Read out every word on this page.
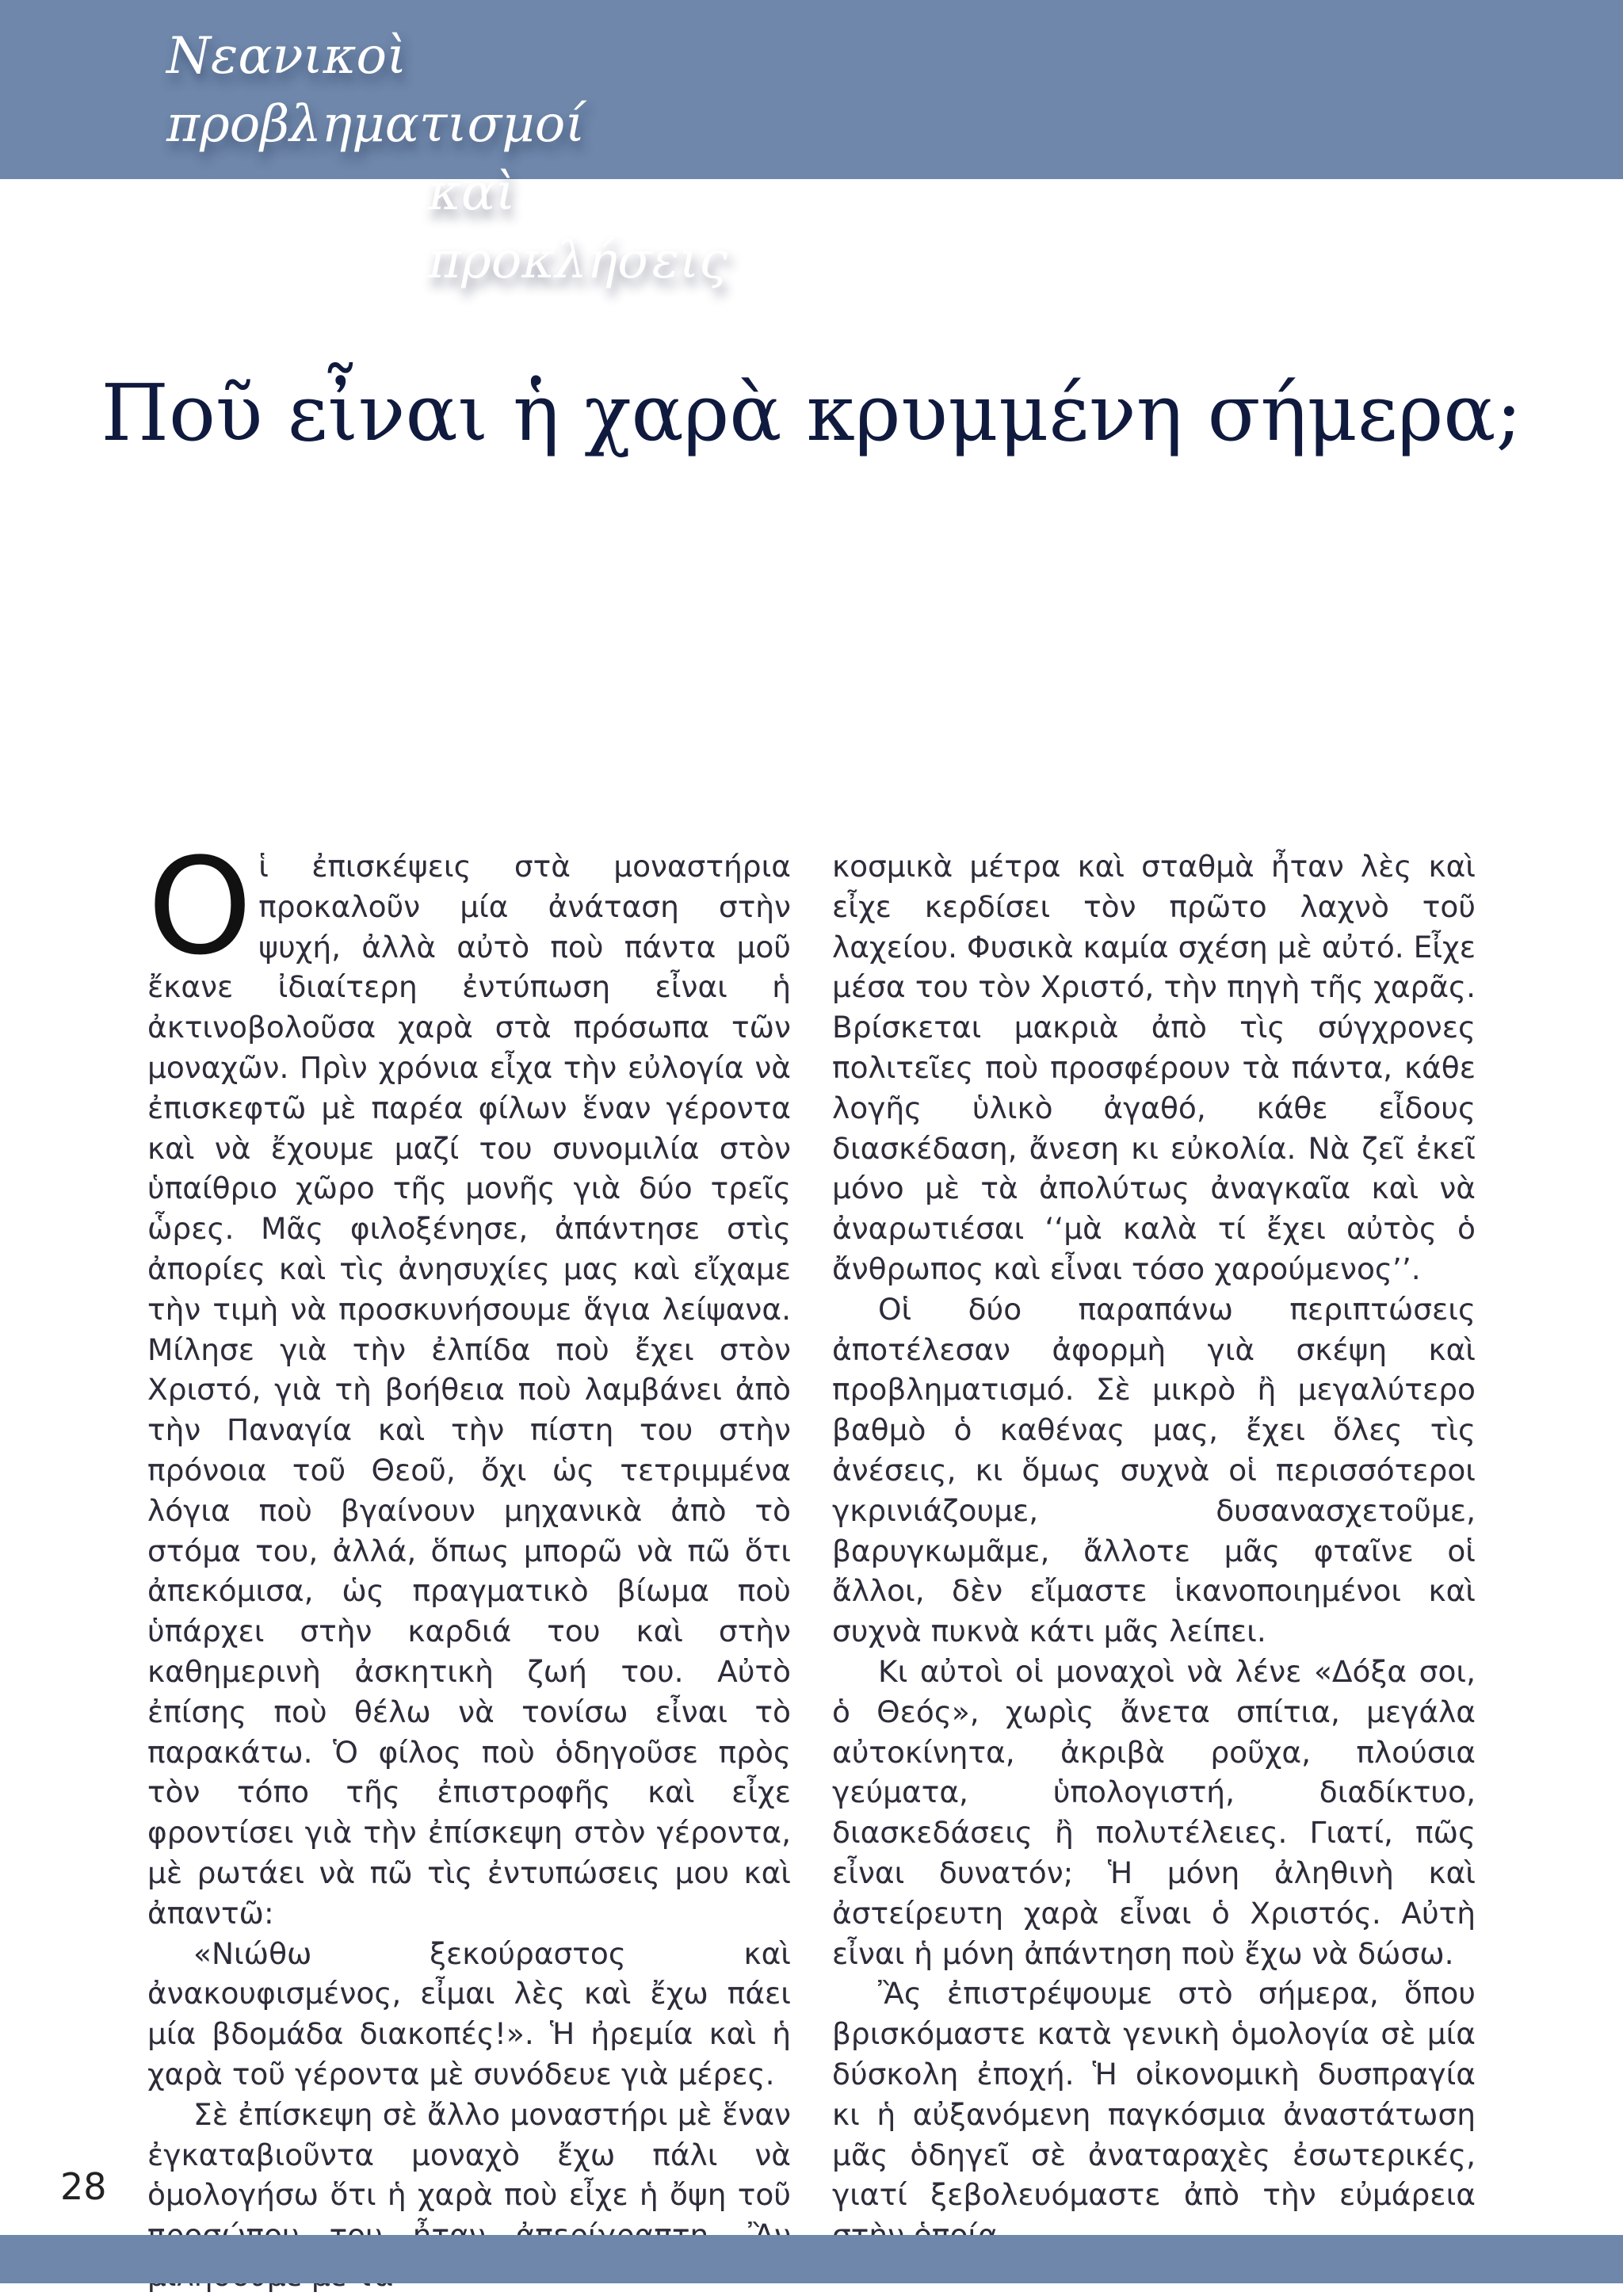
Νεανικοὶ προβληματισμοί
καὶ προκλήσεις
Ποῦ εἶναι ἡ χαρὰ κρυμμένη σήμερα;

Oἱ ἐπισκέψεις στὰ μοναστήρια προκαλοῦν μία ἀνάταση στὴν ψυχή, ἀλλὰ αὐτὸ ποὺ πάντα μοῦ ἔκανε ἰδιαίτερη ἐντύπωση εἶναι ἡ ἀκτινοβολοῦσα χαρὰ στὰ πρόσωπα τῶν μοναχῶν. Πρὶν χρόνια εἶχα τὴν εὐλογία νὰ ἐπισκεφτῶ μὲ παρέα φίλων ἕναν γέροντα καὶ νὰ ἔχουμε μαζί του συνομιλία στὸν ὑπαίθριο χῶρο τῆς μονῆς γιὰ δύο τρεῖς ὧρες. Μᾶς φιλοξένησε, ἀπάντησε στὶς ἀπορίες καὶ τὶς ἀνησυχίες μας καὶ εἴχαμε τὴν τιμὴ νὰ προσκυνήσουμε ἅγια λείψανα. Μίλησε γιὰ τὴν ἐλπίδα ποὺ ἔχει στὸν Χριστό, γιὰ τὴ βοήθεια ποὺ λαμβάνει ἀπὸ τὴν Παναγία καὶ τὴν πίστη του στὴν πρόνοια τοῦ Θεοῦ, ὄχι ὡς τετριμμένα λόγια ποὺ βγαίνουν μηχανικὰ ἀπὸ τὸ στόμα του, ἀλλά, ὅπως μπορῶ νὰ πῶ ὅτι ἀπεκόμισα, ὡς πραγματικὸ βίωμα ποὺ ὑπάρχει στὴν καρδιά του καὶ στὴν καθημερινὴ ἀσκητικὴ ζωή του. Αὐτὸ ἐπίσης ποὺ θέλω νὰ τονίσω εἶναι τὸ παρακάτω. Ὁ φίλος ποὺ ὁδηγοῦσε πρὸς τὸν τόπο τῆς ἐπιστροφῆς καὶ εἶχε φροντίσει γιὰ τὴν ἐπίσκεψη στὸν γέροντα, μὲ ρωτάει νὰ πῶ τὶς ἐντυπώσεις μου καὶ ἀπαντῶ:

«Νιώθω ξεκούραστος καὶ ἀνακουφισμένος, εἶμαι λὲς καὶ ἔχω πάει μία βδομάδα διακοπές!». Ἡ ἠρεμία καὶ ἡ χαρὰ τοῦ γέροντα μὲ συνόδευε γιὰ μέρες.

Σὲ ἐπίσκεψη σὲ ἄλλο μοναστήρι μὲ ἕναν ἐγκαταβιοῦντα μοναχὸ ἔχω πάλι νὰ ὁμολογήσω ὅτι ἡ χαρὰ ποὺ εἶχε ἡ ὄψη τοῦ

κοσμικὰ μέτρα καὶ σταθμὰ ἦταν λὲς καὶ εἶχε κερδίσει τὸν πρῶτο λαχνὸ τοῦ λαχείου. Φυσικὰ καμία σχέση μὲ αὐτό. Εἶχε μέσα του τὸν Χριστό, τὴν πηγὴ τῆς χαρᾶς. Βρίσκεται μακριὰ ἀπὸ τὶς σύγχρονες πολιτεῖες ποὺ προσφέρουν τὰ πάντα, κάθε λογῆς ὑλικὸ ἀγαθό, κάθε εἶδους διασκέδαση, ἄνεση κι εὐκολία. Νὰ ζεῖ ἐκεῖ μόνο μὲ τὰ ἀπολύτως ἀναγκαῖα καὶ νὰ ἀναρωτιέσαι ‘‘μὰ καλὰ τί ἔχει αὐτὸς ὁ ἄνθρωπος καὶ εἶναι τόσο χαρούμενος’’.

Οἱ δύο παραπάνω περιπτώσεις ἀποτέλεσαν ἀφορμὴ γιὰ σκέψη καὶ προβληματισμό. Σὲ μικρὸ ἢ μεγαλύτερο βαθμὸ ὁ καθένας μας, ἔχει ὅλες τὶς ἀνέσεις, κι ὅμως συχνὰ οἱ περισσότεροι γκρινιάζουμε, δυσανασχετοῦμε, βαρυγκωμᾶμε, ἄλλοτε μᾶς φταῖνε οἱ ἄλλοι, δὲν εἴμαστε ἱκανοποιημένοι καὶ συχνὰ πυκνὰ κάτι μᾶς λείπει.

Κι αὐτοὶ οἱ μοναχοὶ νὰ λένε «Δόξα σοι, ὁ Θεός», χωρὶς ἄνετα σπίτια, μεγάλα αὐτοκίνητα, ἀκριβὰ ροῦχα, πλούσια γεύματα, ὑπολογιστή, διαδίκτυο, διασκεδάσεις ἢ πολυτέλειες. Γιατί, πῶς εἶναι δυνατόν; Ἡ μόνη ἀληθινὴ καὶ ἀστείρευτη χαρὰ εἶναι ὁ Χριστός. Αὐτὴ εἶναι ἡ μόνη ἀπάντηση ποὺ ἔχω νὰ δώσω.

Ἂς ἐπιστρέψουμε στὸ σήμερα, ὅπου βρισκόμαστε κατὰ γενικὴ ὁμολογία σὲ μία δύσκολη ἐποχή. Ἡ οἰκονομικὴ δυσπραγία κι ἡ αὐξανόμενη παγκόσμια ἀναστάτωση μᾶς ὁδηγεῖ σὲ ἀναταραχὲς ἐσωτερικές, γιατί ξεβολευόμαστε ἀπὸ τὴν εὐμάρεια

28
